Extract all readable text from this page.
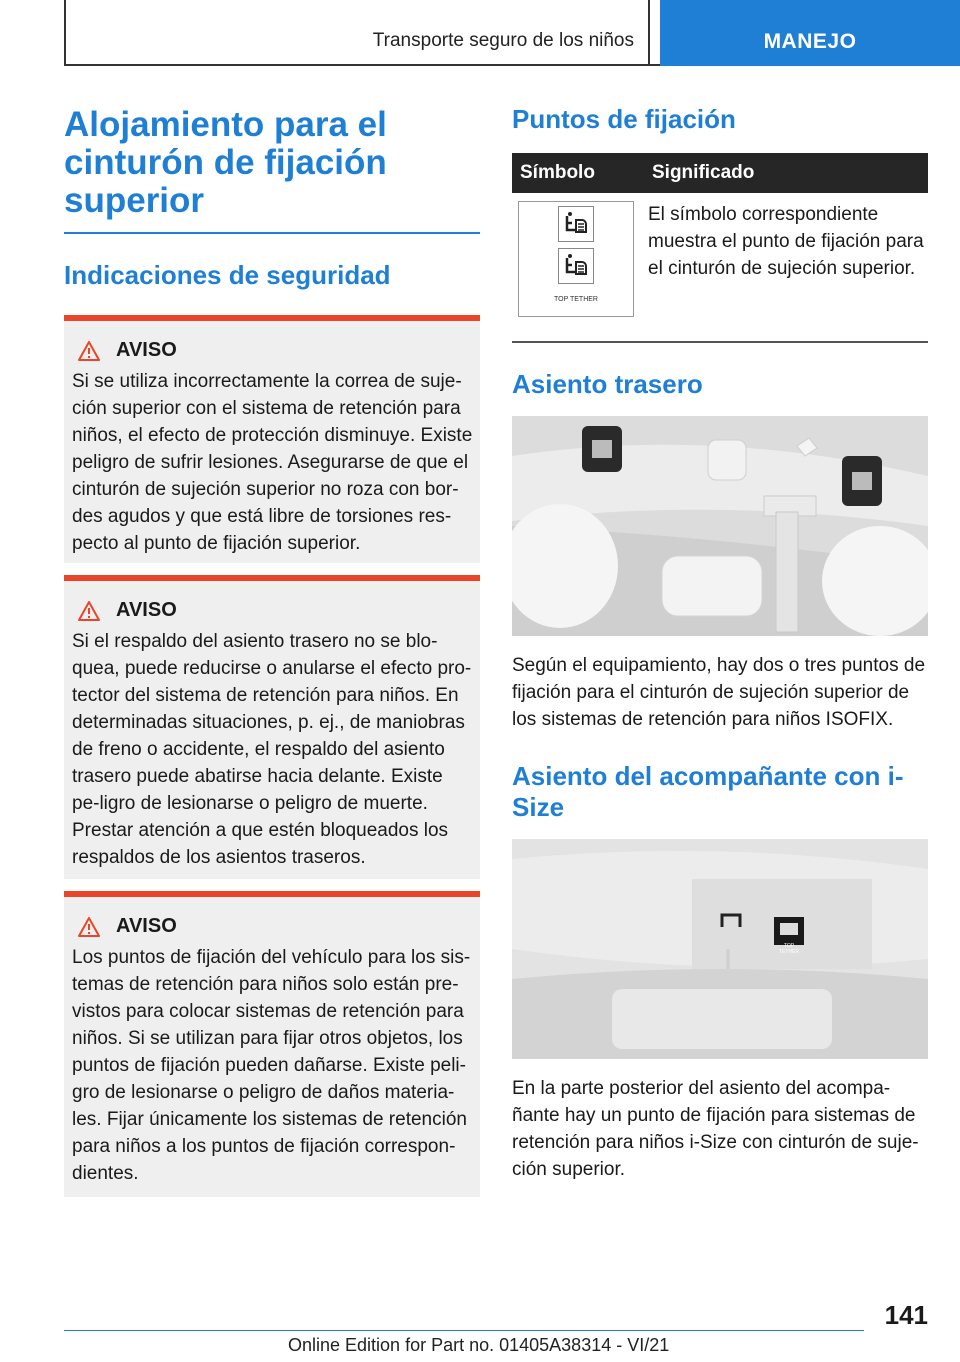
Transporte seguro de los niños	MANEJO
Alojamiento para el cinturón de fijación superior
Indicaciones de seguridad
AVISO

Si se utiliza incorrectamente la correa de suje‐ción superior con el sistema de retención para niños, el efecto de protección disminuye. Existe peligro de sufrir lesiones. Asegurarse de que el cinturón de sujeción superior no roza con bor‐des agudos y que está libre de torsiones res‐pecto al punto de fijación superior.

AVISO

Si el respaldo del asiento trasero no se blo‐quea, puede reducirse o anularse el efecto pro‐tector del sistema de retención para niños. En determinadas situaciones, p. ej., de maniobras de freno o accidente, el respaldo del asiento trasero puede abatirse hacia delante. Existe pe‐ligro de lesionarse o peligro de muerte. Prestar atención a que estén bloqueados los respaldos de los asientos traseros.

AVISO

Los puntos de fijación del vehículo para los sis‐temas de retención para niños solo están pre‐vistos para colocar sistemas de retención para niños. Si se utilizan para fijar otros objetos, los puntos de fijación pueden dañarse. Existe peli‐gro de lesionarse o peligro de daños materia‐les. Fijar únicamente los sistemas de retención para niños a los puntos de fijación correspon‐dientes.

Puntos de fijación
Símbolo	Significado

TOP TETHER	El símbolo correspondiente muestra el punto de fijación para el cinturón de sujeción superior.
Asiento trasero

Según el equipamiento, hay dos o tres puntos de fijación para el cinturón de sujeción superior de los sistemas de retención para niños ISOFIX.

Asiento del acompañante con i-Size
TOP TETHER

En la parte posterior del asiento del acompa‐ñante hay un punto de fijación para sistemas de retención para niños i-Size con cinturón de suje‐ción superior.

141
Online Edition for Part no. 01405A38314 - VI/21
